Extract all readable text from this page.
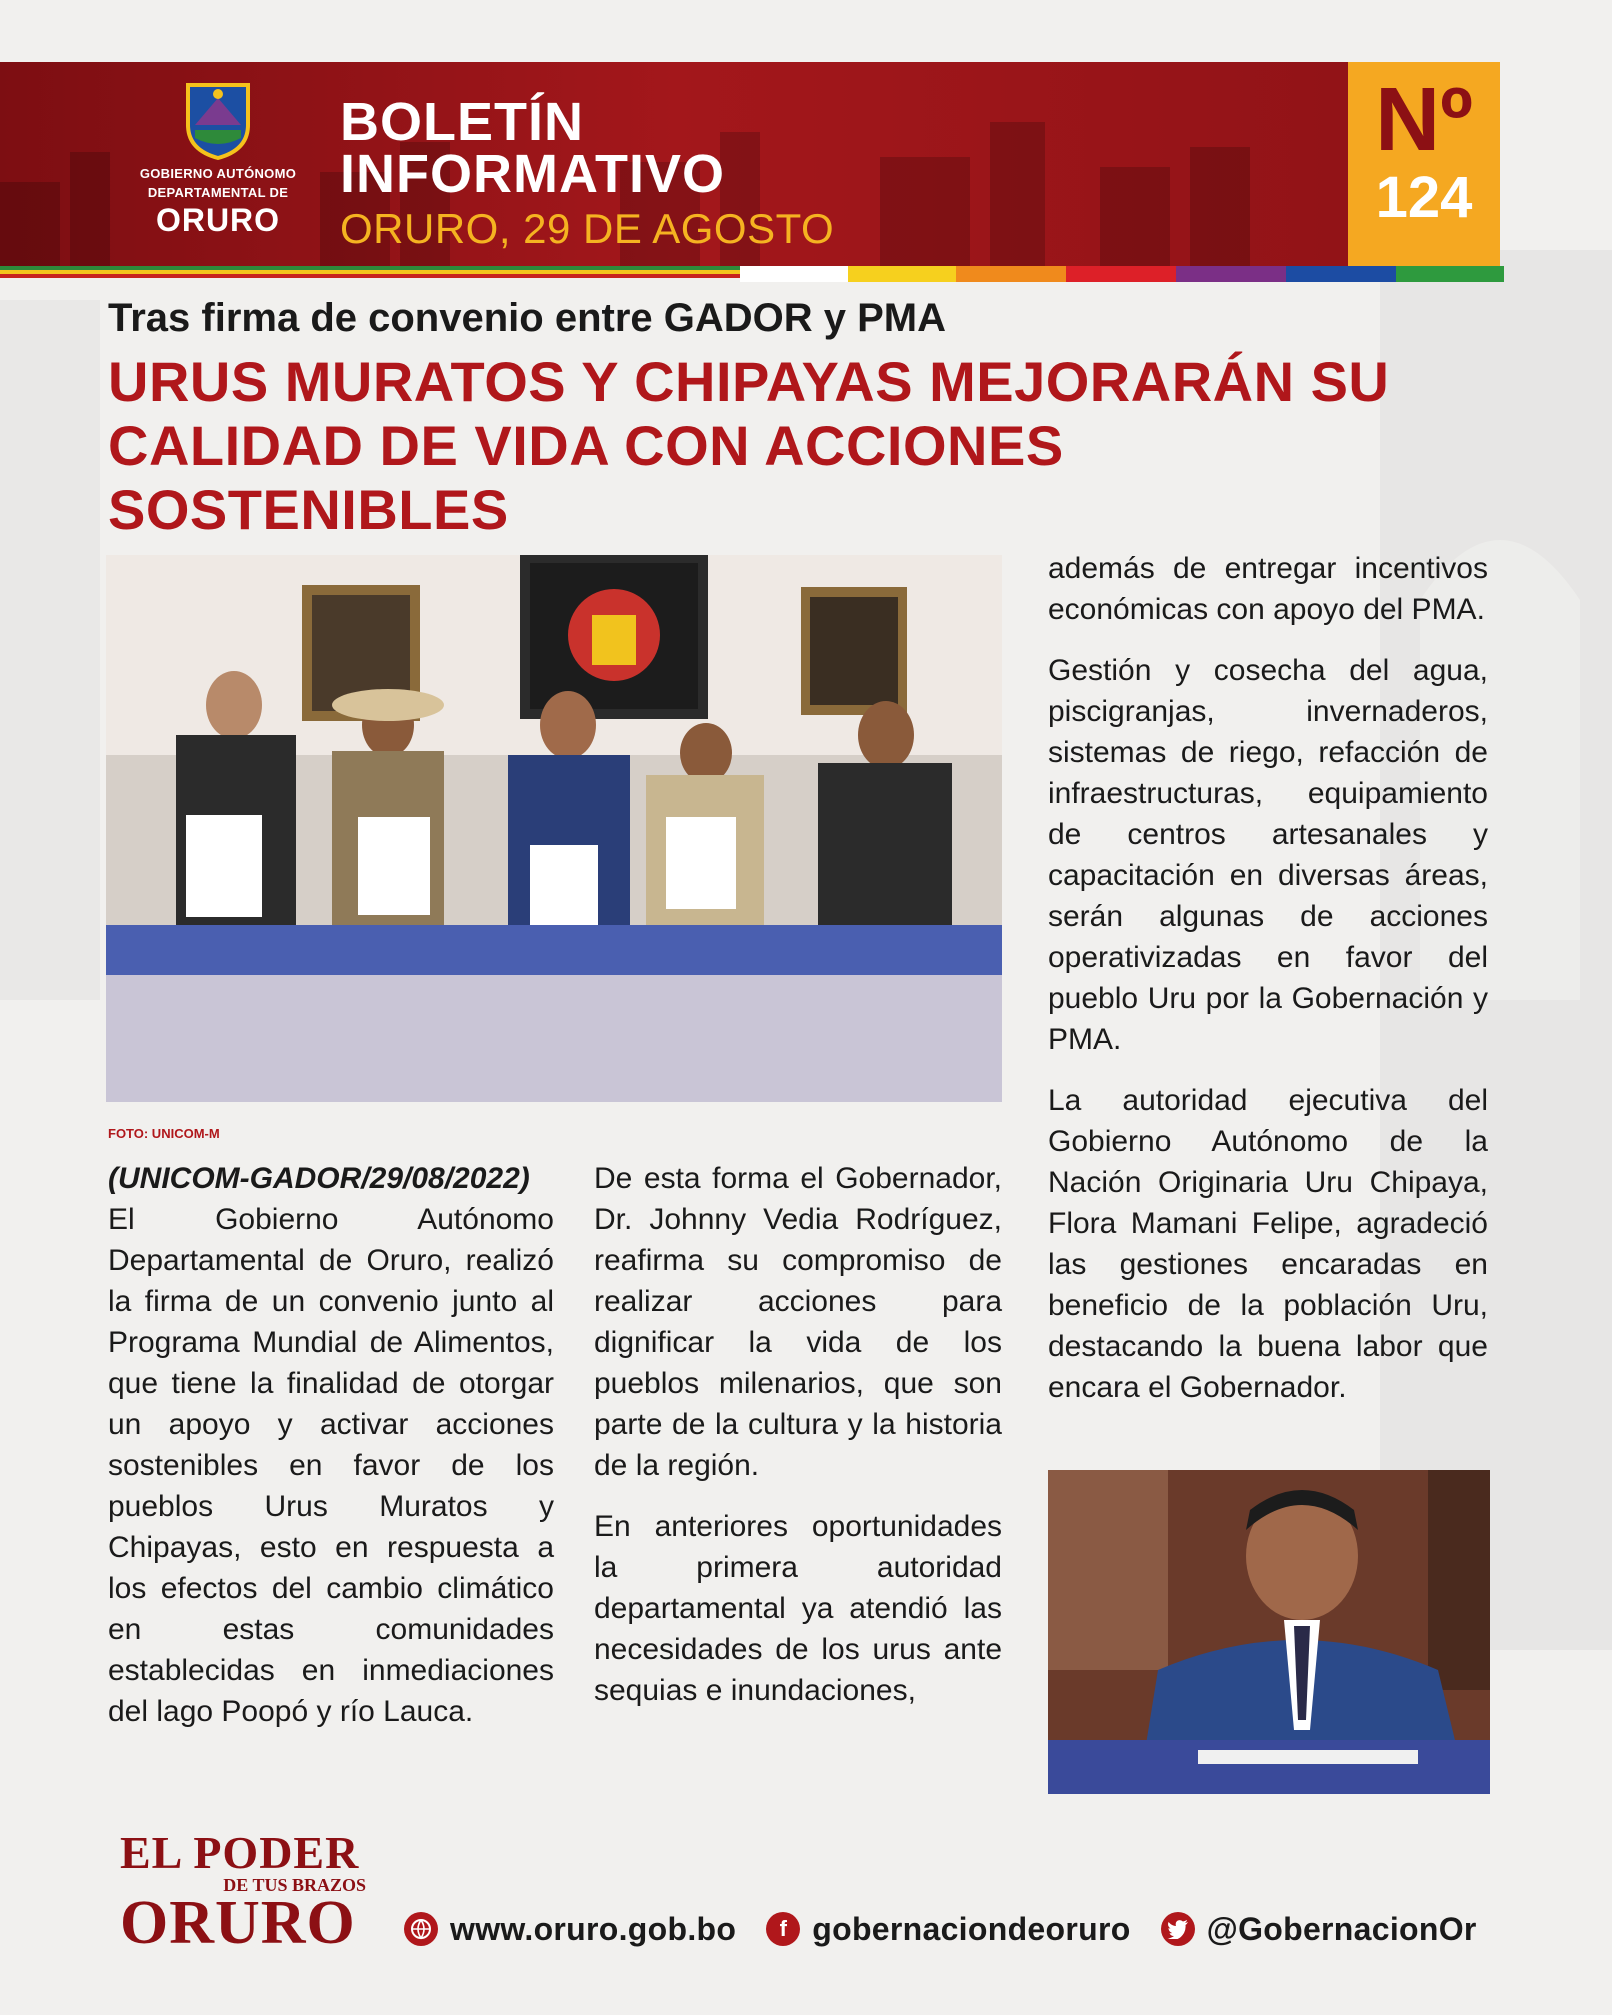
GOBIERNO AUTÓNOMO
DEPARTAMENTAL DE
ORURO
BOLETÍN
INFORMATIVO
ORURO, 29 DE AGOSTO
Nº
124
Tras firma de convenio entre GADOR y PMA
URUS MURATOS Y CHIPAYAS MEJORARÁN SU CALIDAD DE VIDA CON ACCIONES SOSTENIBLES
FOTO: UNICOM-M
(UNICOM-GADOR/29/08/2022)

El Gobierno Autónomo Departamental de Oruro, realizó la firma de un convenio junto al Programa Mundial de Alimentos, que tiene la finalidad de otorgar un apoyo y activar acciones sostenibles en favor de los pueblos Urus Muratos y Chipayas, esto en respuesta a los efectos del cambio climático en estas comunidades establecidas en inmediaciones del lago Poopó y río Lauca.

De esta forma el Gobernador, Dr. Johnny Vedia Rodríguez, reafirma su compromiso de realizar acciones para dignificar la vida de los pueblos milenarios, que son parte de la cultura y la historia de la región.

En anteriores oportunidades la primera autoridad departamental ya atendió las necesidades de los urus ante sequias e inundaciones,

además de entregar incentivos económicas con apoyo del PMA.

Gestión y cosecha del agua, piscigranjas, invernaderos, sistemas de riego, refacción de infraestructuras, equipamiento de centros artesanales y capacitación en diversas áreas, serán algunas de acciones operativizadas en favor del pueblo Uru por la Gobernación y PMA.

La autoridad ejecutiva del Gobierno Autónomo de la Nación Originaria Uru Chipaya, Flora Mamani Felipe, agradeció las gestiones encaradas en beneficio de la población Uru, destacando la buena labor que encara el Gobernador.

EL PODER
DE TUS BRAZOS
ORURO	www.oruro.gob.bo	f gobernaciondeoruro @GobernacionOr
